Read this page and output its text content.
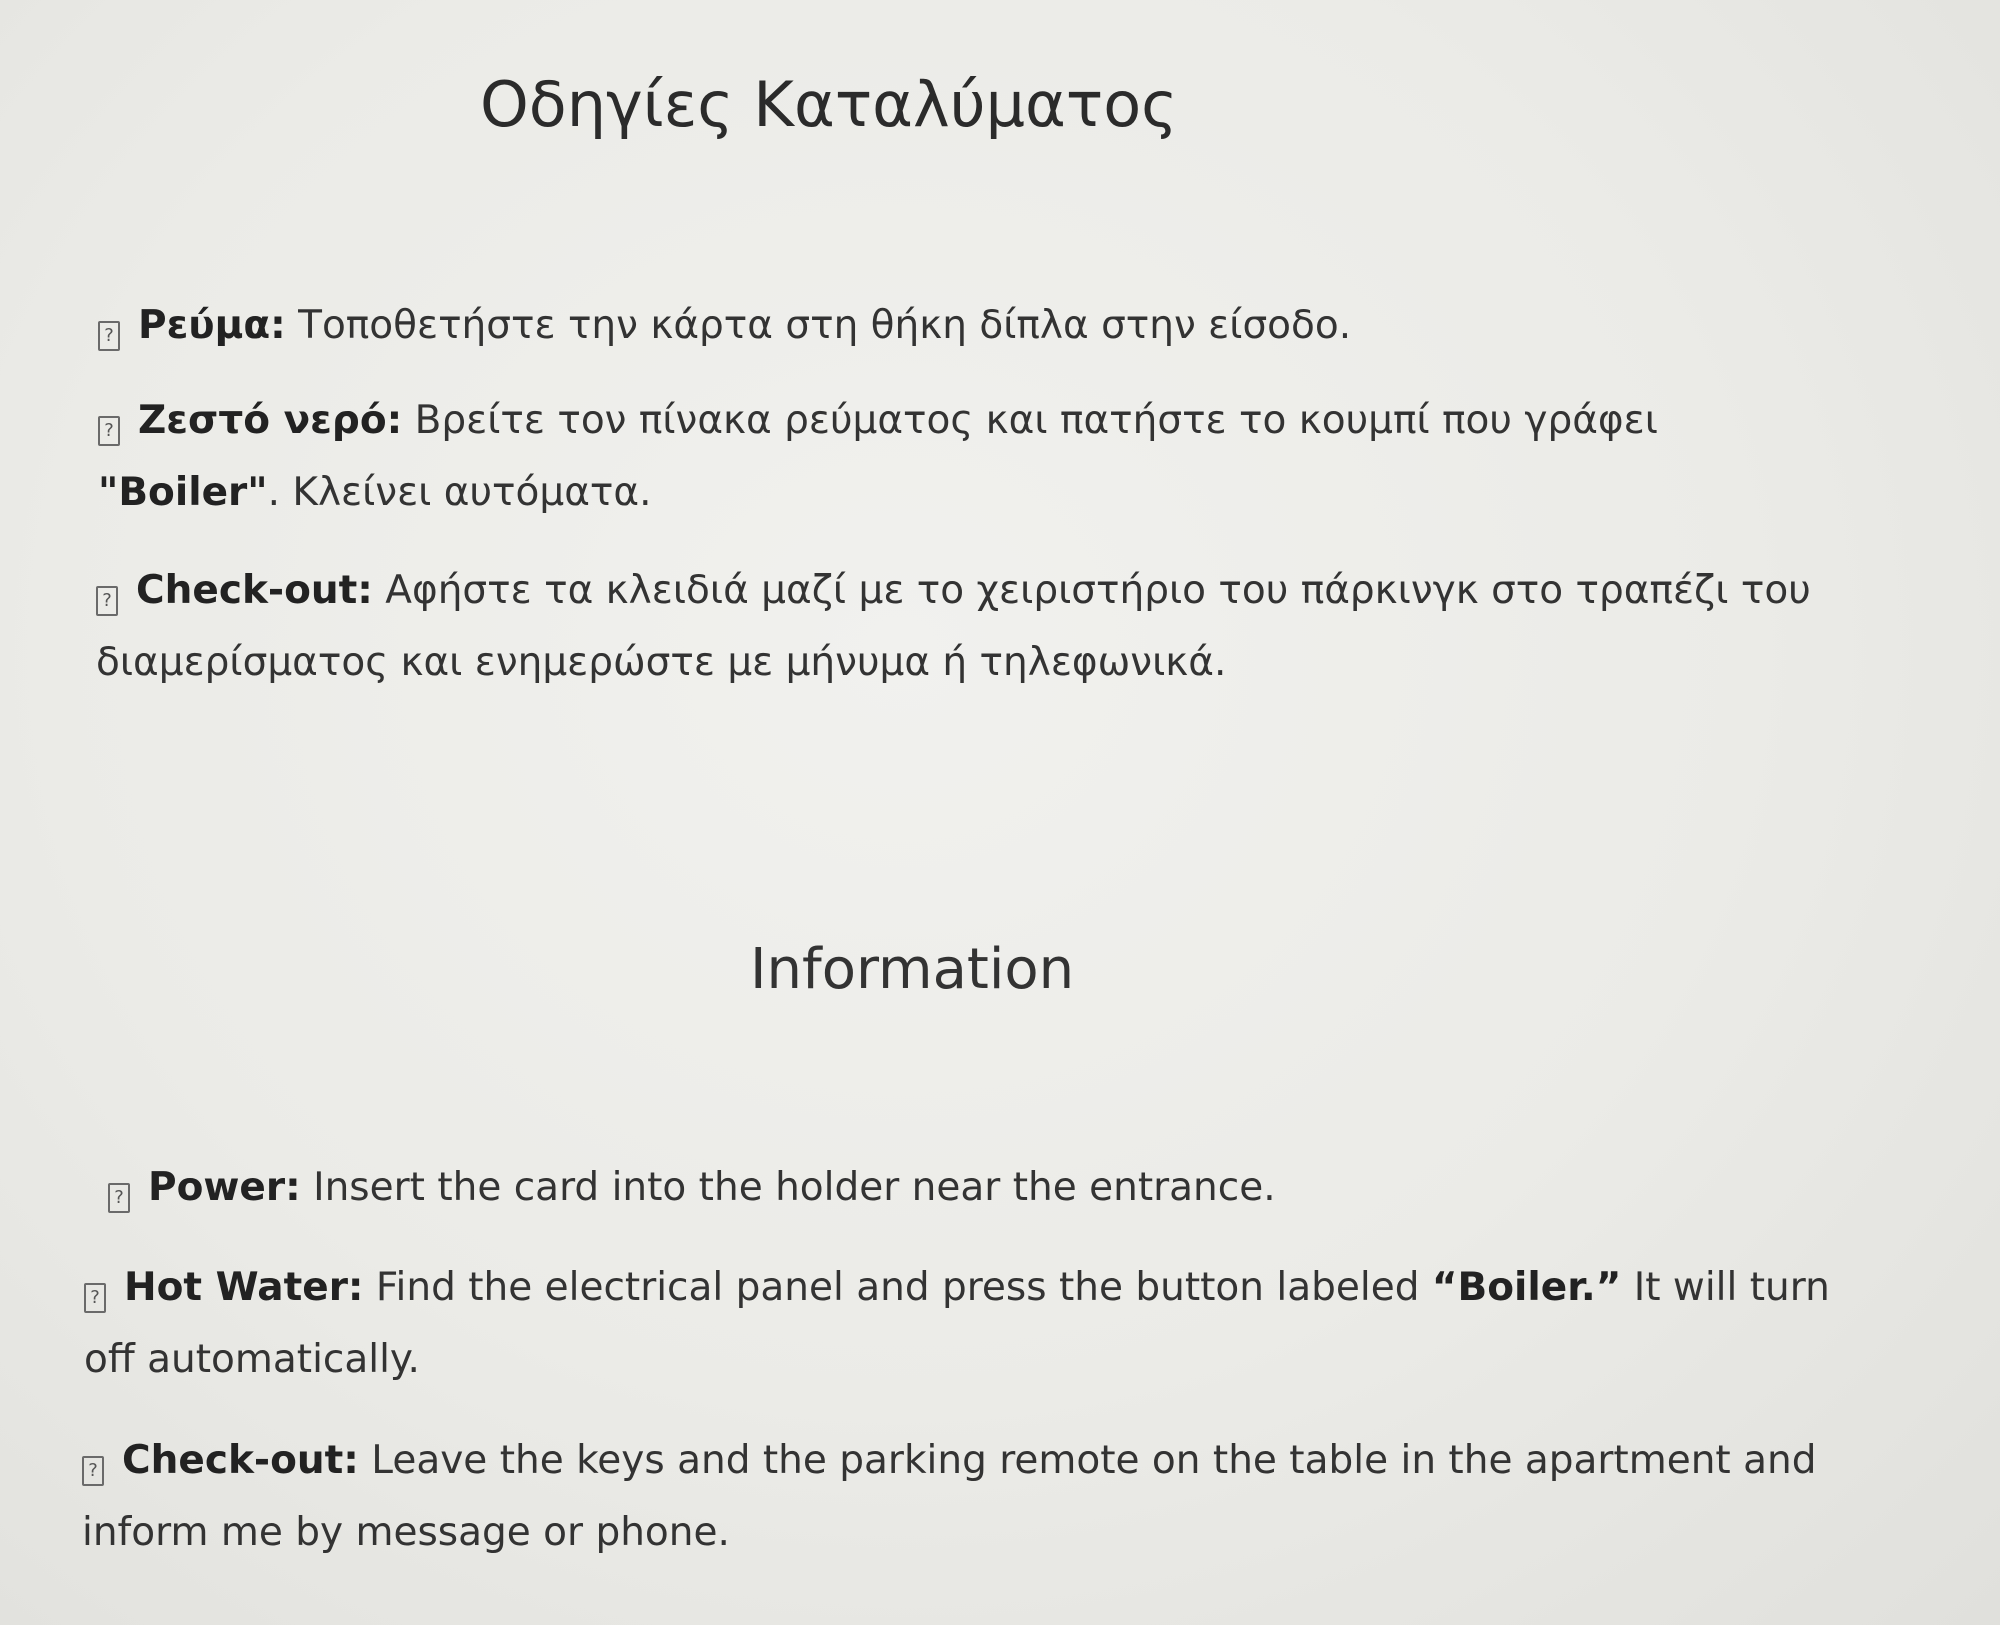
Οδηγίες Καταλύματος

? Ρεύμα: Τοποθετήστε την κάρτα στη θήκη δίπλα στην είσοδο.

? Ζεστό νερό: Βρείτε τον πίνακα ρεύματος και πατήστε το κουμπί που γράφει
"Boiler". Κλείνει αυτόματα.

? Check-out: Αφήστε τα κλειδιά μαζί με το χειριστήριο του πάρκινγκ στο τραπέζι του διαμερίσματος και ενημερώστε με μήνυμα ή τηλεφωνικά.

Information

? Power: Insert the card into the holder near the entrance.

? Hot Water: Find the electrical panel and press the button labeled “Boiler.” It will turn off automatically.

? Check-out: Leave the keys and the parking remote on the table in the apartment and inform me by message or phone.
